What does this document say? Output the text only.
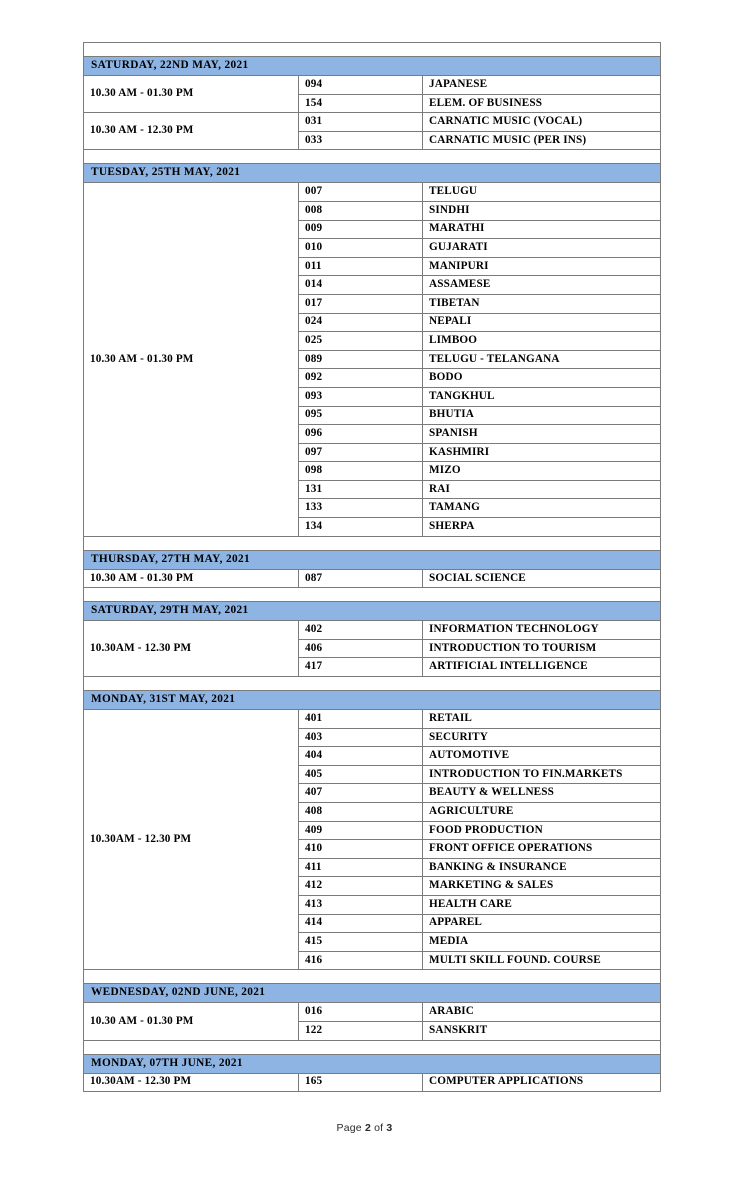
SATURDAY, 22ND MAY, 2021		
10.30 AM - 01.30 PM	094	JAPANESE
	154	ELEM. OF BUSINESS
10.30 AM - 12.30 PM	031	CARNATIC MUSIC (VOCAL)
	033	CARNATIC MUSIC (PER INS)

TUESDAY, 25TH MAY, 2021		
10.30 AM - 01.30 PM	007	TELUGU
	008	SINDHI
	009	MARATHI
	010	GUJARATI
	011	MANIPURI
	014	ASSAMESE
	017	TIBETAN
	024	NEPALI
	025	LIMBOO
	089	TELUGU - TELANGANA
	092	BODO
	093	TANGKHUL
	095	BHUTIA
	096	SPANISH
	097	KASHMIRI
	098	MIZO
	131	RAI
	133	TAMANG
	134	SHERPA

THURSDAY, 27TH MAY, 2021		
10.30 AM - 01.30 PM	087	SOCIAL SCIENCE

SATURDAY, 29TH MAY, 2021		
10.30AM - 12.30 PM	402	INFORMATION TECHNOLOGY
	406	INTRODUCTION TO TOURISM
	417	ARTIFICIAL INTELLIGENCE

MONDAY, 31ST MAY, 2021		
10.30AM - 12.30 PM	401	RETAIL
	403	SECURITY
	404	AUTOMOTIVE
	405	INTRODUCTION TO FIN.MARKETS
	407	BEAUTY & WELLNESS
	408	AGRICULTURE
	409	FOOD PRODUCTION
	410	FRONT OFFICE OPERATIONS
	411	BANKING & INSURANCE
	412	MARKETING & SALES
	413	HEALTH CARE
	414	APPAREL
	415	MEDIA
	416	MULTI SKILL FOUND. COURSE

WEDNESDAY, 02ND JUNE, 2021		
10.30 AM - 01.30 PM	016	ARABIC
	122	SANSKRIT

MONDAY, 07TH JUNE, 2021		
10.30AM - 12.30 PM	165	COMPUTER APPLICATIONS
Page 2 of 3
